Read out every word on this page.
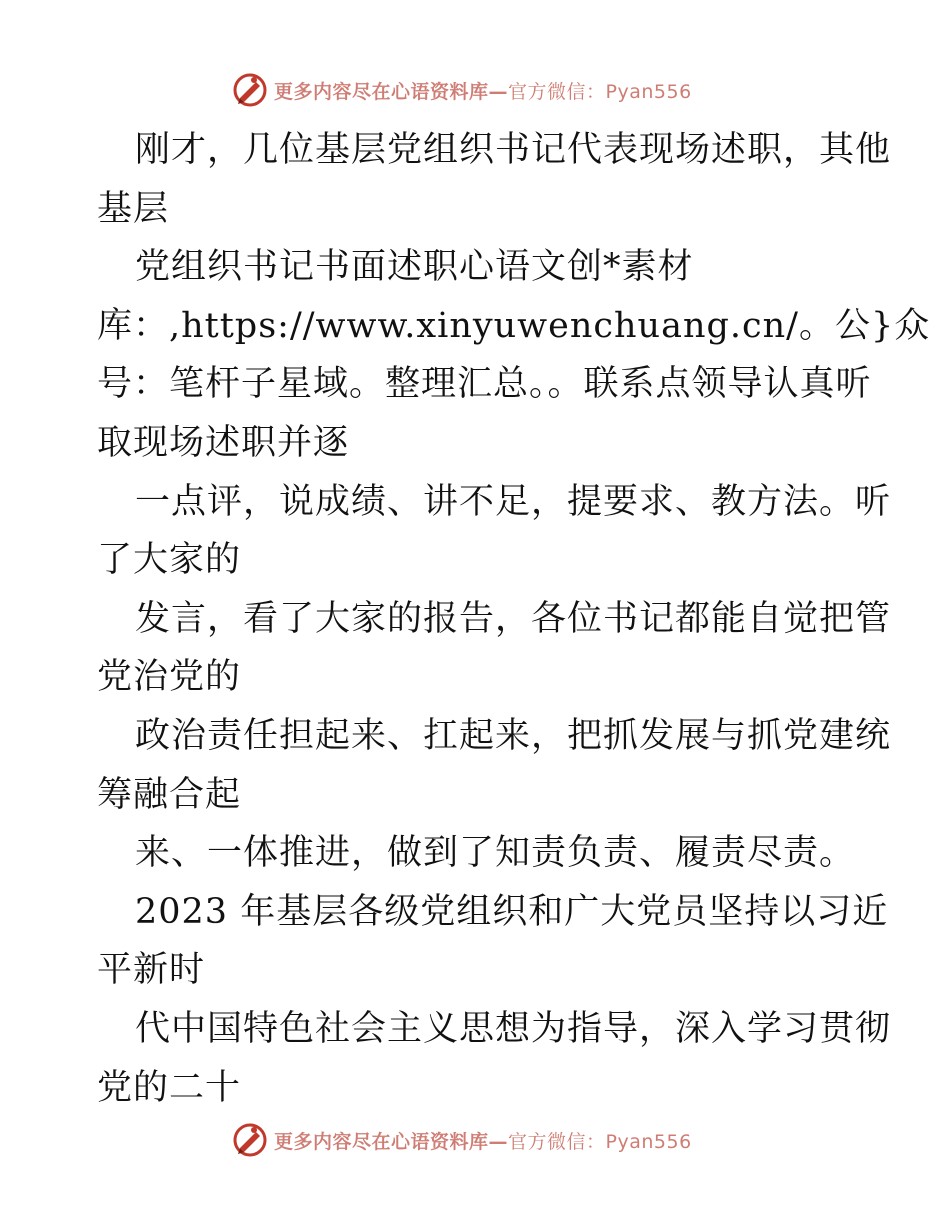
更多内容尽在心语资料库—官方微信：Pyan556
刚才，几位基层党组织书记代表现场述职，其他
基层
党组织书记书面述职心语文创*素材
库：,https://www.xinyuwenchuang.cn/。公}众
号：笔杆子星域。整理汇总。。联系点领导认真听
取现场述职并逐
一点评，说成绩、讲不足，提要求、教方法。听
了大家的
发言，看了大家的报告，各位书记都能自觉把管
党治党的
政治责任担起来、扛起来，把抓发展与抓党建统
筹融合起
来、一体推进，做到了知责负责、履责尽责。
2023 年基层各级党组织和广大党员坚持以习近
平新时
代中国特色社会主义思想为指导，深入学习贯彻
党的二十
更多内容尽在心语资料库—官方微信：Pyan556
